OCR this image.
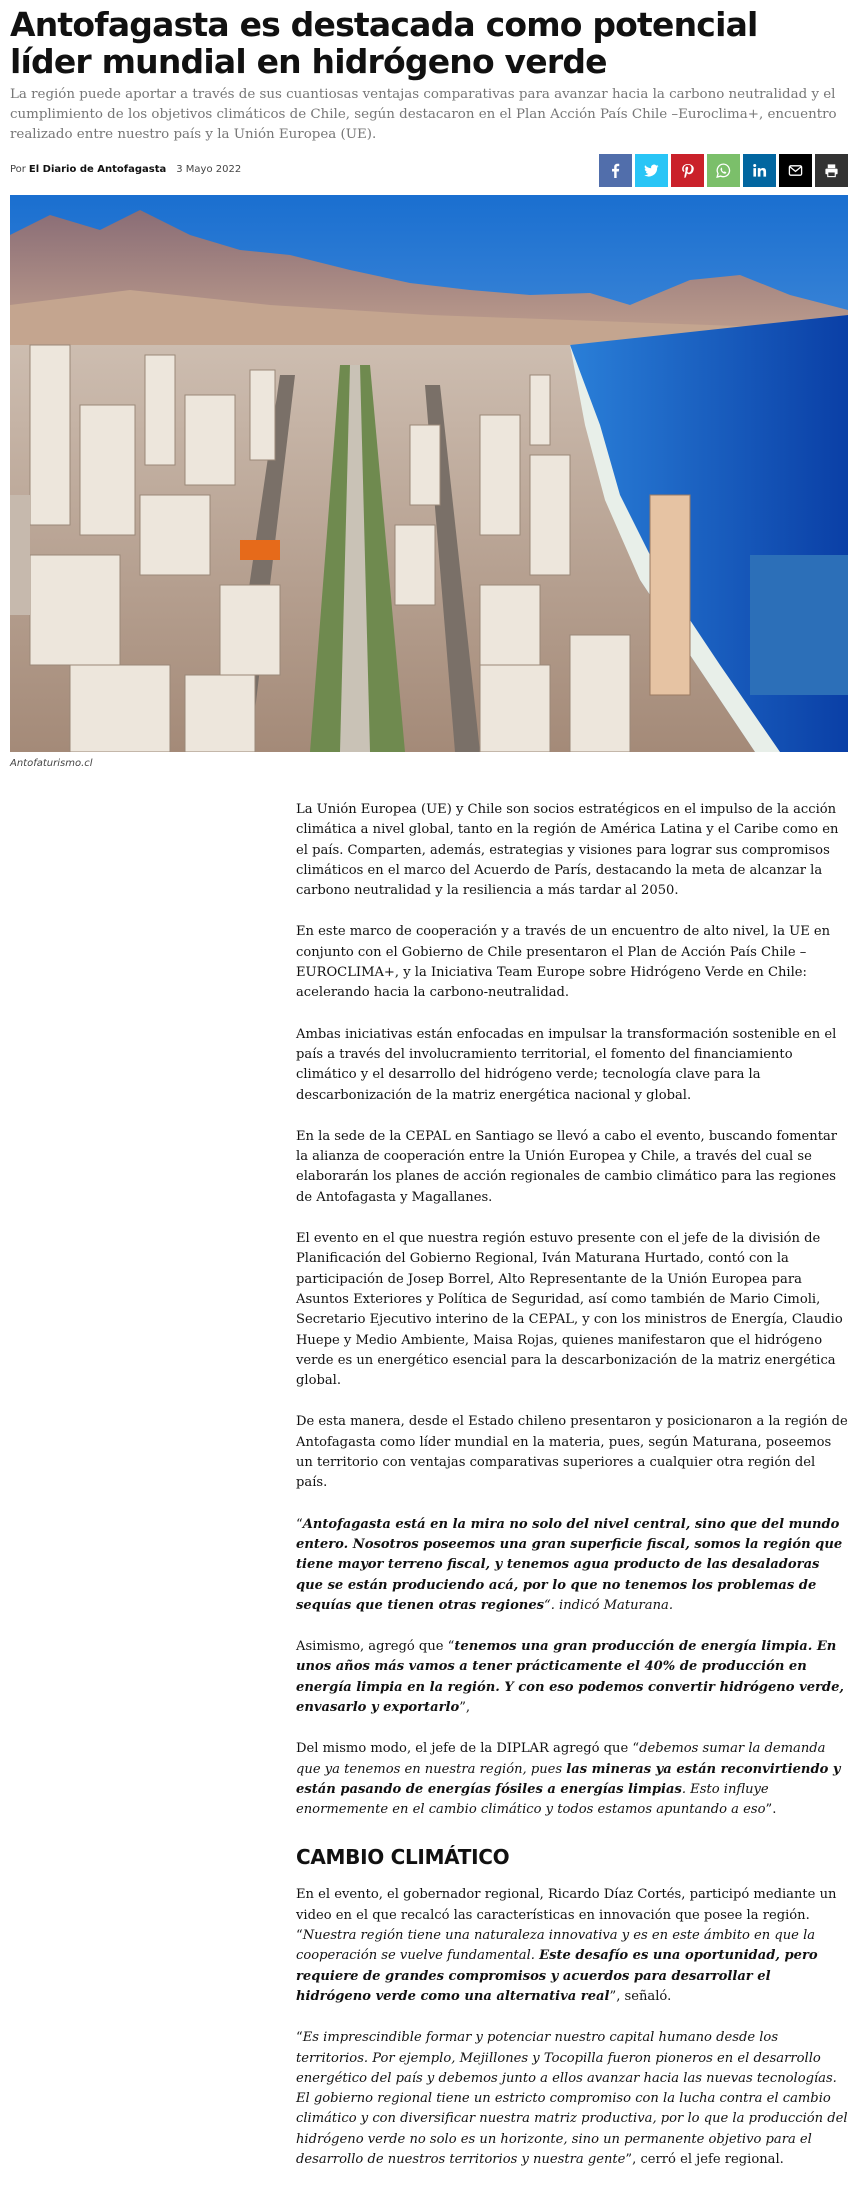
Antofagasta es destacada como potencial líder mundial en hidrógeno verde
La región puede aportar a través de sus cuantiosas ventajas comparativas para avanzar hacia la carbono neutralidad y el cumplimiento de los objetivos climáticos de Chile, según destacaron en el Plan Acción País Chile –Euroclima+, encuentro realizado entre nuestro país y la Unión Europea (UE).
Por El Diario de Antofagasta 3 Mayo 2022
Antofaturismo.cl

La Unión Europea (UE) y Chile son socios estratégicos en el impulso de la acción climática a nivel global, tanto en la región de América Latina y el Caribe como en el país. Comparten, además, estrategias y visiones para lograr sus compromisos climáticos en el marco del Acuerdo de París, destacando la meta de alcanzar la carbono neutralidad y la resiliencia a más tardar al 2050.

En este marco de cooperación y a través de un encuentro de alto nivel, la UE en conjunto con el Gobierno de Chile presentaron el Plan de Acción País Chile – EUROCLIMA+, y la Iniciativa Team Europe sobre Hidrógeno Verde en Chile: acelerando hacia la carbono-neutralidad.

Ambas iniciativas están enfocadas en impulsar la transformación sostenible en el país a través del involucramiento territorial, el fomento del financiamiento climático y el desarrollo del hidrógeno verde; tecnología clave para la descarbonización de la matriz energética nacional y global.

En la sede de la CEPAL en Santiago se llevó a cabo el evento, buscando fomentar la alianza de cooperación entre la Unión Europea y Chile, a través del cual se elaborarán los planes de acción regionales de cambio climático para las regiones de Antofagasta y Magallanes.

El evento en el que nuestra región estuvo presente con el jefe de la división de Planificación del Gobierno Regional, Iván Maturana Hurtado, contó con la participación de Josep Borrel, Alto Representante de la Unión Europea para Asuntos Exteriores y Política de Seguridad, así como también de Mario Cimoli, Secretario Ejecutivo interino de la CEPAL, y con los ministros de Energía, Claudio Huepe y Medio Ambiente, Maisa Rojas, quienes manifestaron que el hidrógeno verde es un energético esencial para la descarbonización de la matriz energética global.

De esta manera, desde el Estado chileno presentaron y posicionaron a la región de Antofagasta como líder mundial en la materia, pues, según Maturana, poseemos un territorio con ventajas comparativas superiores a cualquier otra región del país.

“Antofagasta está en la mira no solo del nivel central, sino que del mundo entero. Nosotros poseemos una gran superficie fiscal, somos la región que tiene mayor terreno fiscal, y tenemos agua producto de las desaladoras que se están produciendo acá, por lo que no tenemos los problemas de sequías que tienen otras regiones“. indicó Maturana.

Asimismo, agregó que “tenemos una gran producción de energía limpia. En unos años más vamos a tener prácticamente el 40% de producción en energía limpia en la región. Y con eso podemos convertir hidrógeno verde, envasarlo y exportarlo”,

Del mismo modo, el jefe de la DIPLAR agregó que “debemos sumar la demanda que ya tenemos en nuestra región, pues las mineras ya están reconvirtiendo y están pasando de energías fósiles a energías limpias. Esto influye enormemente en el cambio climático y todos estamos apuntando a eso”.

CAMBIO CLIMÁTICO

En el evento, el gobernador regional, Ricardo Díaz Cortés, participó mediante un video en el que recalcó las características en innovación que posee la región. “Nuestra región tiene una naturaleza innovativa y es en este ámbito en que la cooperación se vuelve fundamental. Este desafío es una oportunidad, pero requiere de grandes compromisos y acuerdos para desarrollar el hidrógeno verde como una alternativa real”, señaló.

“Es imprescindible formar y potenciar nuestro capital humano desde los territorios. Por ejemplo, Mejillones y Tocopilla fueron pioneros en el desarrollo energético del país y debemos junto a ellos avanzar hacia las nuevas tecnologías. El gobierno regional tiene un estricto compromiso con la lucha contra el cambio climático y con diversificar nuestra matriz productiva, por lo que la producción del hidrógeno verde no solo es un horizonte, sino un permanente objetivo para el desarrollo de nuestros territorios y nuestra gente”, cerró el jefe regional.
